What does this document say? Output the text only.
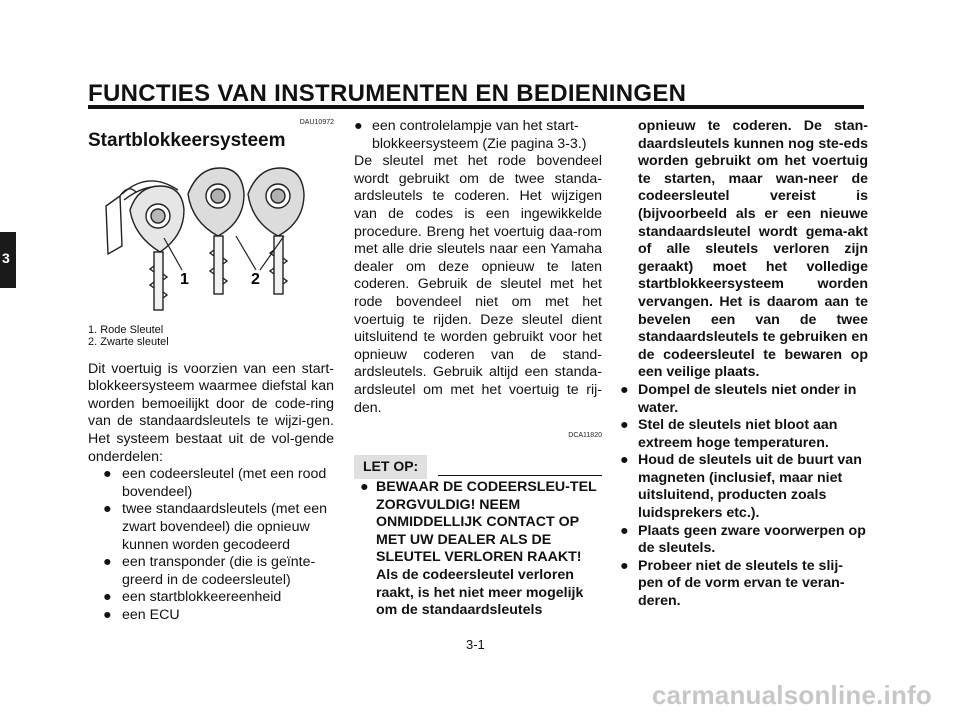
FUNCTIES VAN INSTRUMENTEN EN BEDIENINGEN
3
DAU10972
Startblokkeersysteem
1	2
1. Rode Sleutel
2. Zwarte sleutel

Dit voertuig is voorzien van een start-blokkeersysteem waarmee diefstal kan worden bemoeilijkt door de code-ring van de standaardsleutels te wijzi-gen. Het systeem bestaat uit de vol-gende onderdelen:

● een codeersleutel (met een rood bovendeel)
● twee standaardsleutels (met een zwart bovendeel) die opnieuw kunnen worden gecodeerd
● een transponder (die is geïnte-greerd in de codeersleutel)
● een startblokkeereenheid
● een ECU
● een controlelampje van het start-blokkeersysteem (Zie pagina 3-3.)

De sleutel met het rode bovendeel wordt gebruikt om de twee standa-ardsleutels te coderen. Het wijzigen van de codes is een ingewikkelde procedure. Breng het voertuig daa-rom met alle drie sleutels naar een Yamaha dealer om deze opnieuw te laten coderen. Gebruik de sleutel met het rode bovendeel niet om met het voertuig te rijden. Deze sleutel dient uitsluitend te worden gebruikt voor het opnieuw coderen van de stand-ardsleutels. Gebruik altijd een standa-ardsleutel om met het voertuig te rij-den.

DCA11820
LET OP:
● BEWAAR DE CODEERSLEU-TEL ZORGVULDIG! NEEM ONMIDDELLIJK CONTACT OP MET UW DEALER ALS DE SLEUTEL VERLOREN RAAKT! Als de codeersleutel verloren raakt, is het niet meer mogelijk om de standaardsleutels
opnieuw te coderen. De stan-daardsleutels kunnen nog ste-eds worden gebruikt om het voertuig te starten, maar wan-neer de codeersleutel vereist is (bijvoorbeeld als er een nieuwe standaardsleutel wordt gema-akt of alle sleutels verloren zijn geraakt) moet het volledige startblokkeersysteem worden vervangen. Het is daarom aan te bevelen een van de twee standaardsleutels te gebruiken en de codeersleutel te bewaren op een veilige plaats.
● Dompel de sleutels niet onder in water.
● Stel de sleutels niet bloot aan extreem hoge temperaturen.
● Houd de sleutels uit de buurt van magneten (inclusief, maar niet uitsluitend, producten zoals luidsprekers etc.).
● Plaats geen zware voorwerpen op de sleutels.
● Probeer niet de sleutels te slij-pen of de vorm ervan te veran-deren.
3-1
carmanualsonline.info
